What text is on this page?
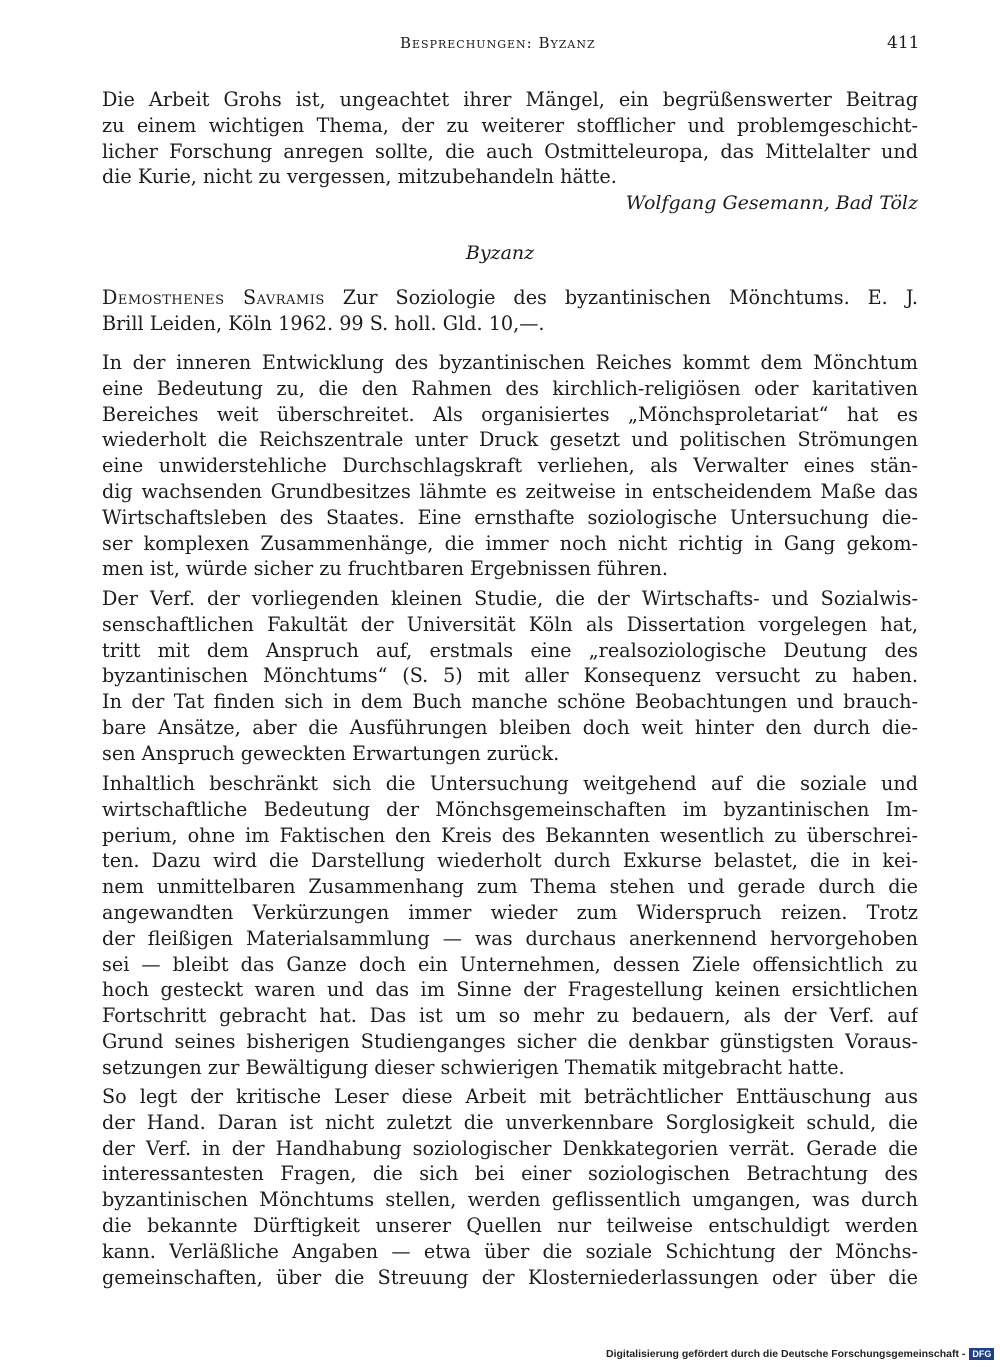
Besprechungen: Byzanz	411
Die Arbeit Grohs ist, ungeachtet ihrer Mängel, ein begrüßenswerter Beitrag
zu einem wichtigen Thema, der zu weiterer stofflicher und problemgeschicht-
licher Forschung anregen sollte, die auch Ostmitteleuropa, das Mittelalter und
die Kurie, nicht zu vergessen, mitzubehandeln hätte.
Wolfgang Gesemann, Bad Tölz
Byzanz
Demosthenes Savramis Zur Soziologie des byzantinischen Mönchtums. E. J.
Brill Leiden, Köln 1962. 99 S. holl. Gld. 10,—.
In der inneren Entwicklung des byzantinischen Reiches kommt dem Mönchtum
eine Bedeutung zu, die den Rahmen des kirchlich-religiösen oder karitativen
Bereiches weit überschreitet. Als organisiertes „Mönchsproletariat“ hat es
wiederholt die Reichszentrale unter Druck gesetzt und politischen Strömungen
eine unwiderstehliche Durchschlagskraft verliehen, als Verwalter eines stän-
dig wachsenden Grundbesitzes lähmte es zeitweise in entscheidendem Maße das
Wirtschaftsleben des Staates. Eine ernsthafte soziologische Untersuchung die-
ser komplexen Zusammenhänge, die immer noch nicht richtig in Gang gekom-
men ist, würde sicher zu fruchtbaren Ergebnissen führen.
Der Verf. der vorliegenden kleinen Studie, die der Wirtschafts- und Sozialwis-
senschaftlichen Fakultät der Universität Köln als Dissertation vorgelegen hat,
tritt mit dem Anspruch auf, erstmals eine „realsoziologische Deutung des
byzantinischen Mönchtums“ (S. 5) mit aller Konsequenz versucht zu haben.
In der Tat finden sich in dem Buch manche schöne Beobachtungen und brauch-
bare Ansätze, aber die Ausführungen bleiben doch weit hinter den durch die-
sen Anspruch geweckten Erwartungen zurück.
Inhaltlich beschränkt sich die Untersuchung weitgehend auf die soziale und
wirtschaftliche Bedeutung der Mönchsgemeinschaften im byzantinischen Im-
perium, ohne im Faktischen den Kreis des Bekannten wesentlich zu überschrei-
ten. Dazu wird die Darstellung wiederholt durch Exkurse belastet, die in kei-
nem unmittelbaren Zusammenhang zum Thema stehen und gerade durch die
angewandten Verkürzungen immer wieder zum Widerspruch reizen. Trotz
der fleißigen Materialsammlung — was durchaus anerkennend hervorgehoben
sei — bleibt das Ganze doch ein Unternehmen, dessen Ziele offensichtlich zu
hoch gesteckt waren und das im Sinne der Fragestellung keinen ersichtlichen
Fortschritt gebracht hat. Das ist um so mehr zu bedauern, als der Verf. auf
Grund seines bisherigen Studienganges sicher die denkbar günstigsten Voraus-
setzungen zur Bewältigung dieser schwierigen Thematik mitgebracht hatte.
So legt der kritische Leser diese Arbeit mit beträchtlicher Enttäuschung aus
der Hand. Daran ist nicht zuletzt die unverkennbare Sorglosigkeit schuld, die
der Verf. in der Handhabung soziologischer Denkkategorien verrät. Gerade die
interessantesten Fragen, die sich bei einer soziologischen Betrachtung des
byzantinischen Mönchtums stellen, werden geflissentlich umgangen, was durch
die bekannte Dürftigkeit unserer Quellen nur teilweise entschuldigt werden
kann. Verläßliche Angaben — etwa über die soziale Schichtung der Mönchs-
gemeinschaften, über die Streuung der Klosterniederlassungen oder über die
Digitalisierung gefördert durch die Deutsche Forschungsgemeinschaft - DFG
